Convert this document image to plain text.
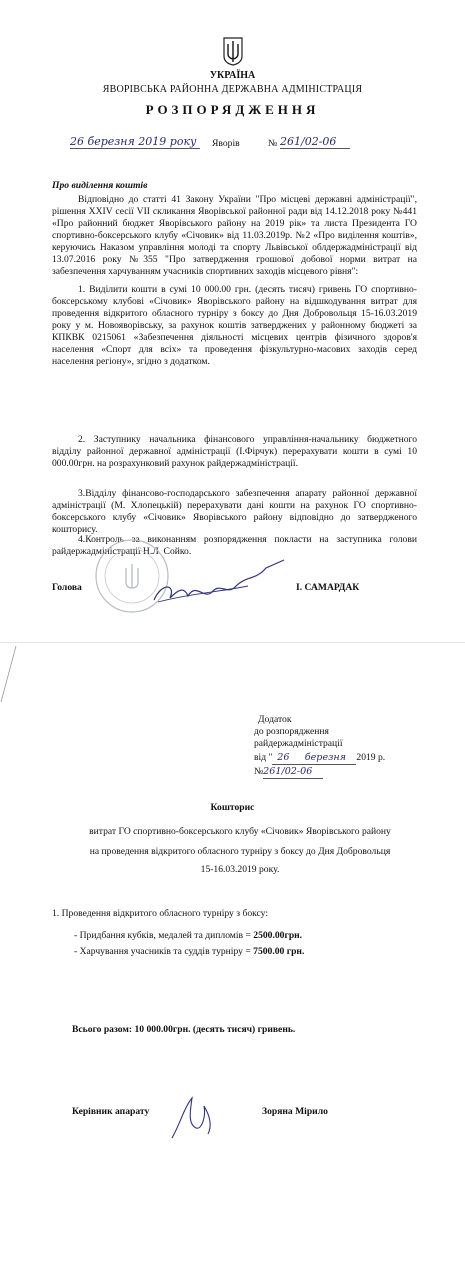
УКРАЇНА
ЯВОРІВСЬКА РАЙОННА ДЕРЖАВНА АДМІНІСТРАЦІЯ
РОЗПОРЯДЖЕННЯ
26 березня 2019 року	Яворів	№ 261/02-06
Про виділення коштів
Відповідно до статті 41 Закону України "Про місцеві державні адміністрації", рішення XXIV сесії VII скликання Яворівської районної ради від 14.12.2018 року №441 «Про районний бюджет Яворівського району на 2019 рік» та листа Президента ГО спортивно-боксерського клубу «Січовик» від 11.03.2019р. №2 «Про виділення коштів», керуючись Наказом управління молоді та спорту Львівської облдержадміністрації від 13.07.2016 року №355 "Про затвердження грошової добової норми витрат на забезпечення харчуванням учасників спортивних заходів місцевого рівня":
1. Виділити кошти в сумі 10 000.00 грн. (десять тисяч) гривень ГО спортивно-боксерському клубові «Січовик» Яворівського району на відшкодування витрат для проведення відкритого обласного турніру з боксу до Дня Добровольця 15-16.03.2019 року у м. Новояворівську, за рахунок коштів затверджених у районному бюджеті за КПКВК 0215061 «Забезпечення діяльності місцевих центрів фізичного здоров'я населення «Спорт для всіх» та проведення фізкультурно-масових заходів серед населення регіону», згідно з додатком.
2. Заступнику начальника фінансового управління-начальнику бюджетного відділу районної державної адміністрації (І.Фірчук) перерахувати кошти в сумі 10 000.00грн. на розрахунковий рахунок райдержадміністрації.
3.Відділу фінансово-господарського забезпечення апарату районної державної адміністрації (М. Хлопецькій) перерахувати дані кошти на рахунок ГО спортивно-боксерського клубу «Січовик» Яворівського району відповідно до затвердженого кошторису.
4.Контроль за виконанням розпорядження покласти на заступника голови райдержадміністрації Н.Л. Сойко.
Голова	І. САМАРДАК
Додаток
до розпорядження
райдержадміністрації
від " 26 березня 2019 р.
№261/02-06
Кошторис
витрат ГО спортивно-боксерського клубу «Січовик» Яворівського району
на проведення відкритого обласного турніру з боксу до Дня Добровольця
15-16.03.2019 року.
1. Проведення відкритого обласного турніру з боксу:
- Придбання кубків, медалей та дипломів = 2500.00грн.
- Харчування учасників та суддів турніру = 7500.00 грн.
Всього разом: 10 000.00грн. (десять тисяч) гривень.
Керівник апарату	Зоряна Мірило
